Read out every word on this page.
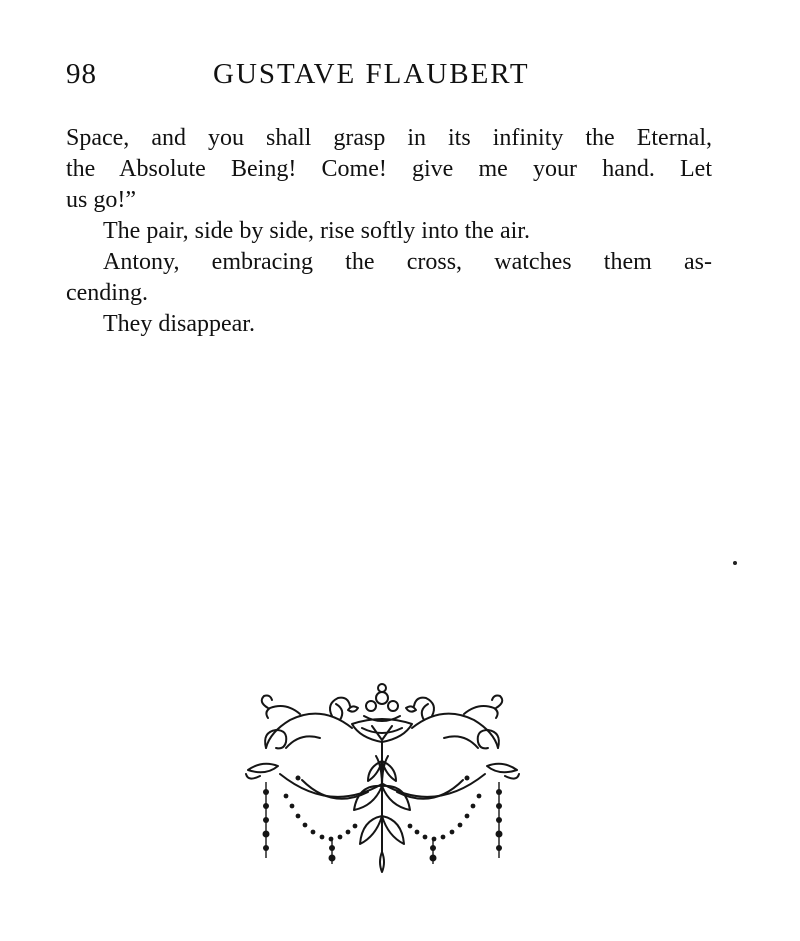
98	GUSTAVE FLAUBERT
Space, and you shall grasp in its infinity the Eternal,
the Absolute Being! Come! give me your hand. Let
us go!”
The pair, side by side, rise softly into the air.
Antony, embracing the cross, watches them as-
cending.
They disappear.
